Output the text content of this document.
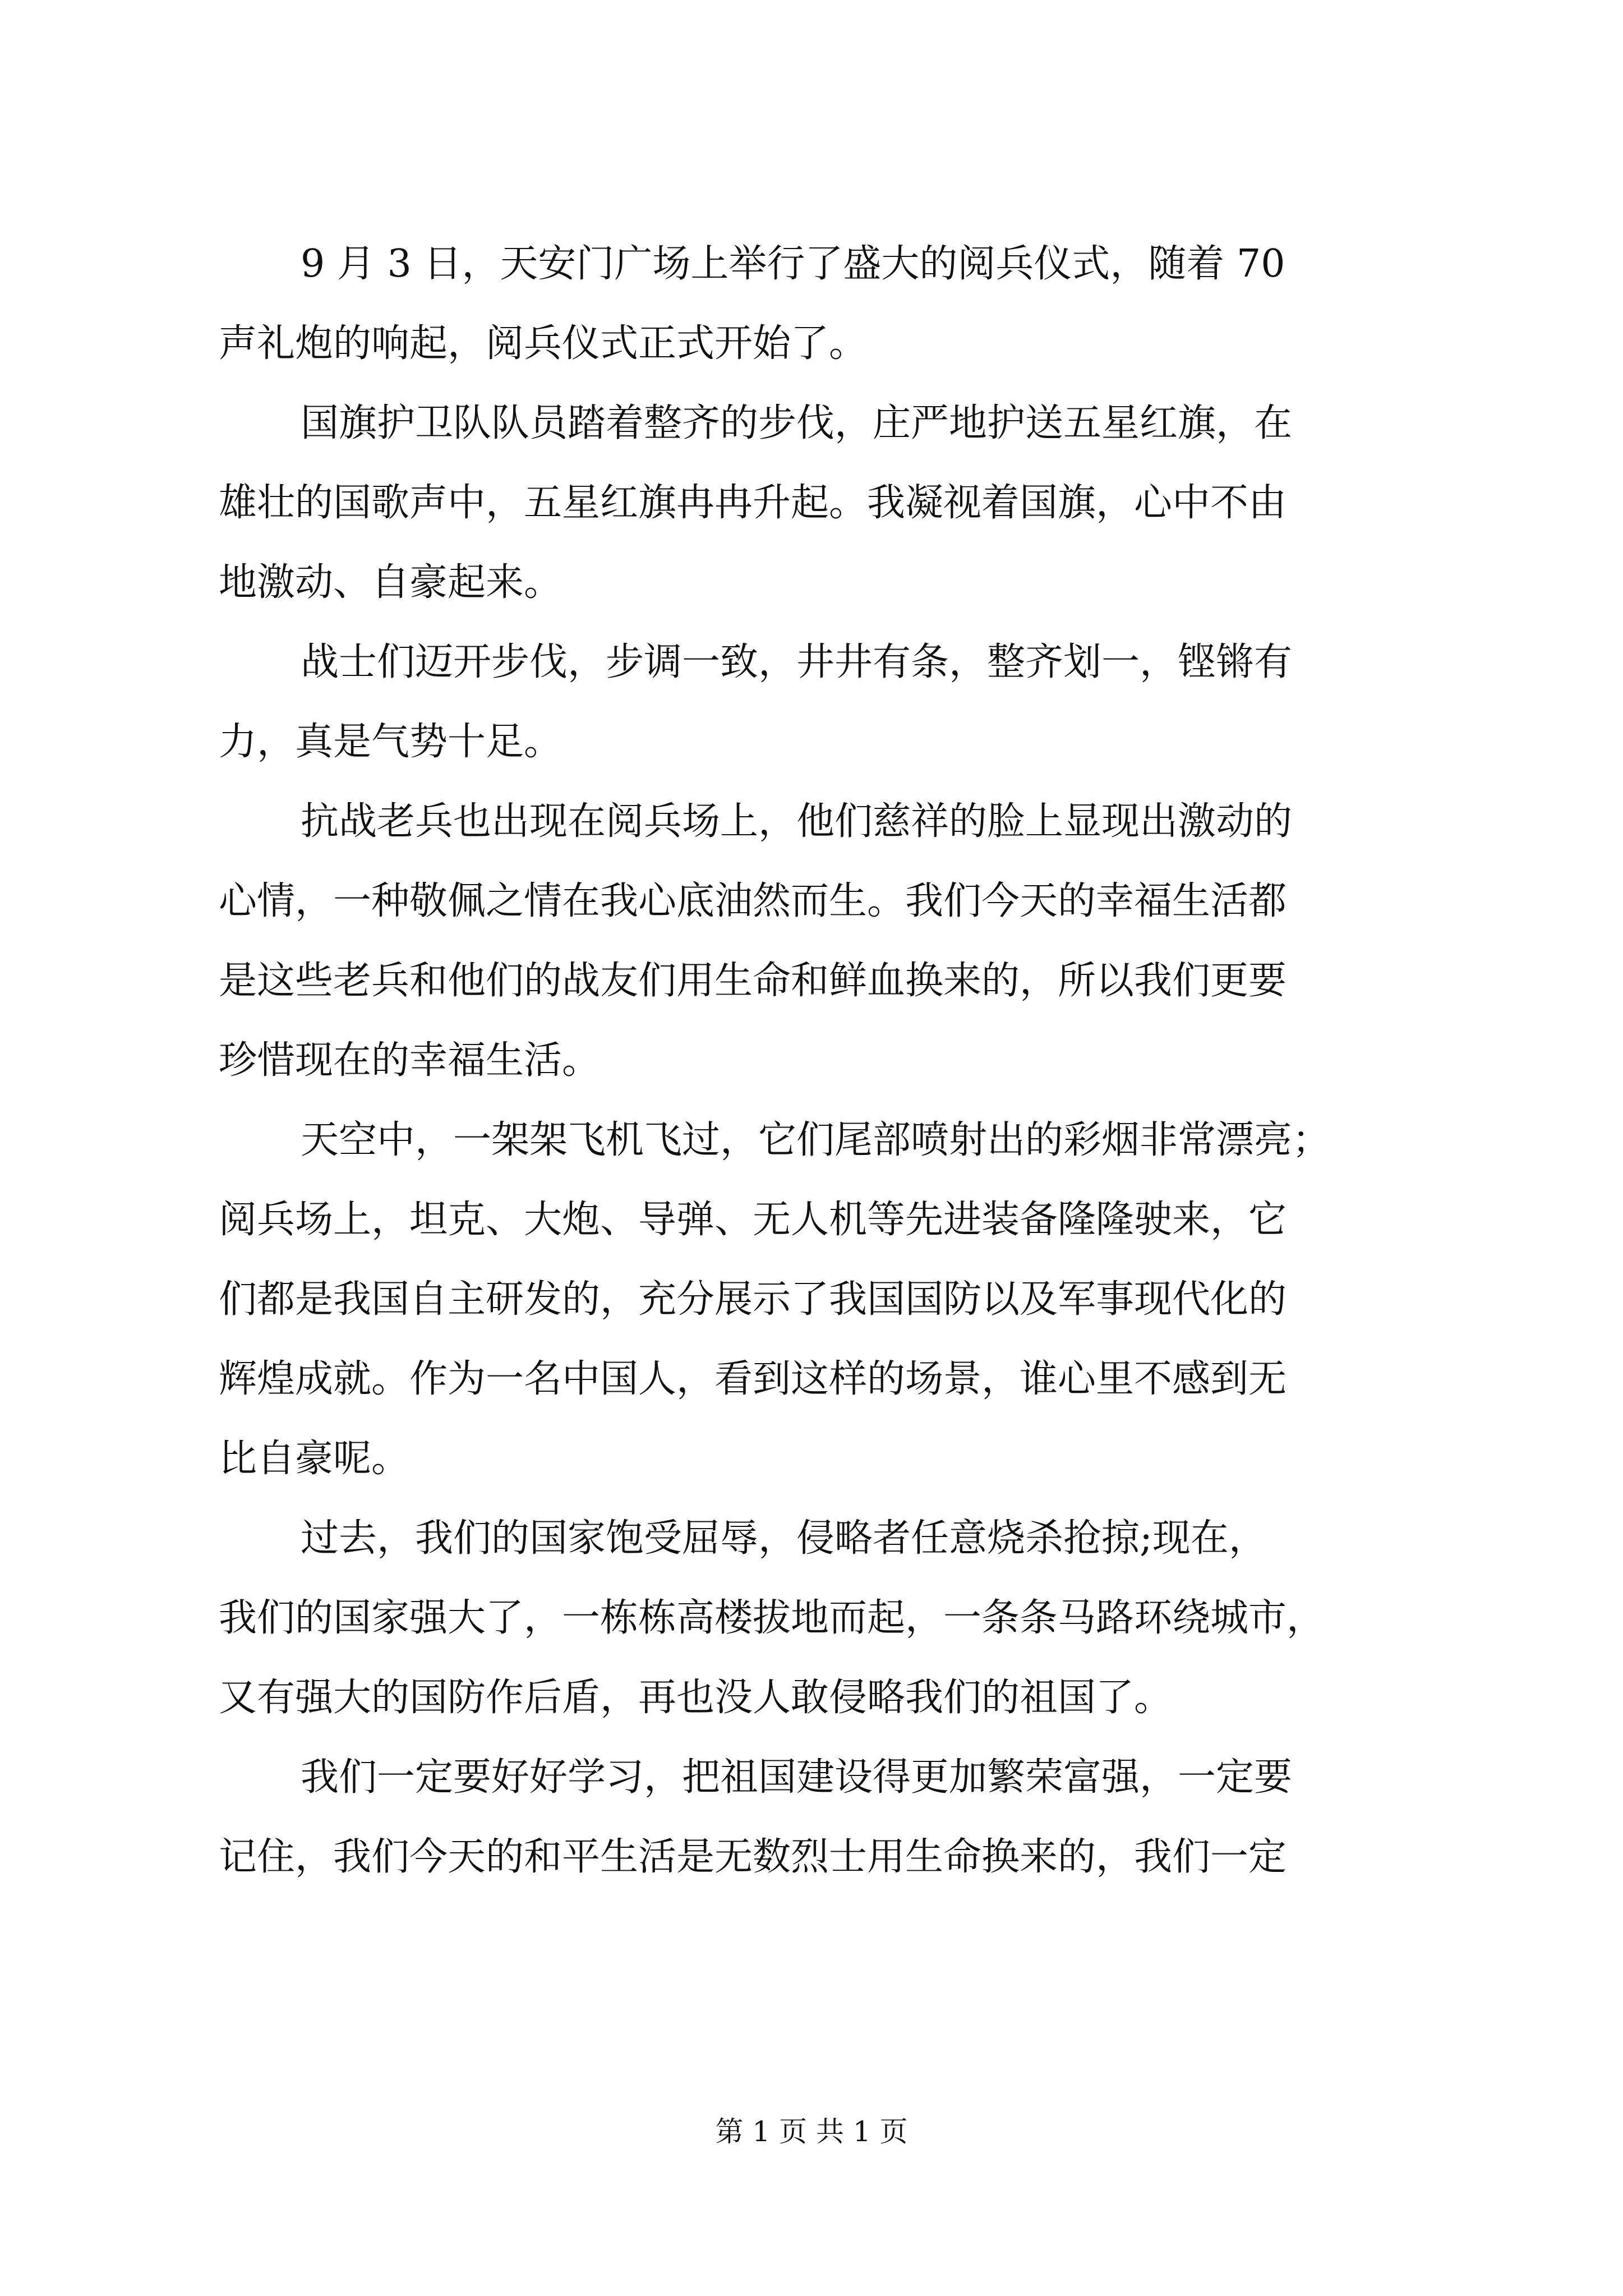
9 月 3 日，天安门广场上举行了盛大的阅兵仪式，随着 70
声礼炮的响起，阅兵仪式正式开始了。

国旗护卫队队员踏着整齐的步伐，庄严地护送五星红旗，在
雄壮的国歌声中，五星红旗冉冉升起。我凝视着国旗，心中不由
地激动、自豪起来。

战士们迈开步伐，步调一致，井井有条，整齐划一，铿锵有
力，真是气势十足。

抗战老兵也出现在阅兵场上，他们慈祥的脸上显现出激动的
心情，一种敬佩之情在我心底油然而生。我们今天的幸福生活都
是这些老兵和他们的战友们用生命和鲜血换来的，所以我们更要
珍惜现在的幸福生活。

天空中，一架架飞机飞过，它们尾部喷射出的彩烟非常漂亮；
阅兵场上，坦克、大炮、导弹、无人机等先进装备隆隆驶来，它
们都是我国自主研发的，充分展示了我国国防以及军事现代化的
辉煌成就。作为一名中国人，看到这样的场景，谁心里不感到无
比自豪呢。

过去，我们的国家饱受屈辱，侵略者任意烧杀抢掠;现在，
我们的国家强大了，一栋栋高楼拔地而起，一条条马路环绕城市，
又有强大的国防作后盾，再也没人敢侵略我们的祖国了。

我们一定要好好学习，把祖国建设得更加繁荣富强，一定要
记住，我们今天的和平生活是无数烈士用生命换来的，我们一定

第 1 页 共 1 页
